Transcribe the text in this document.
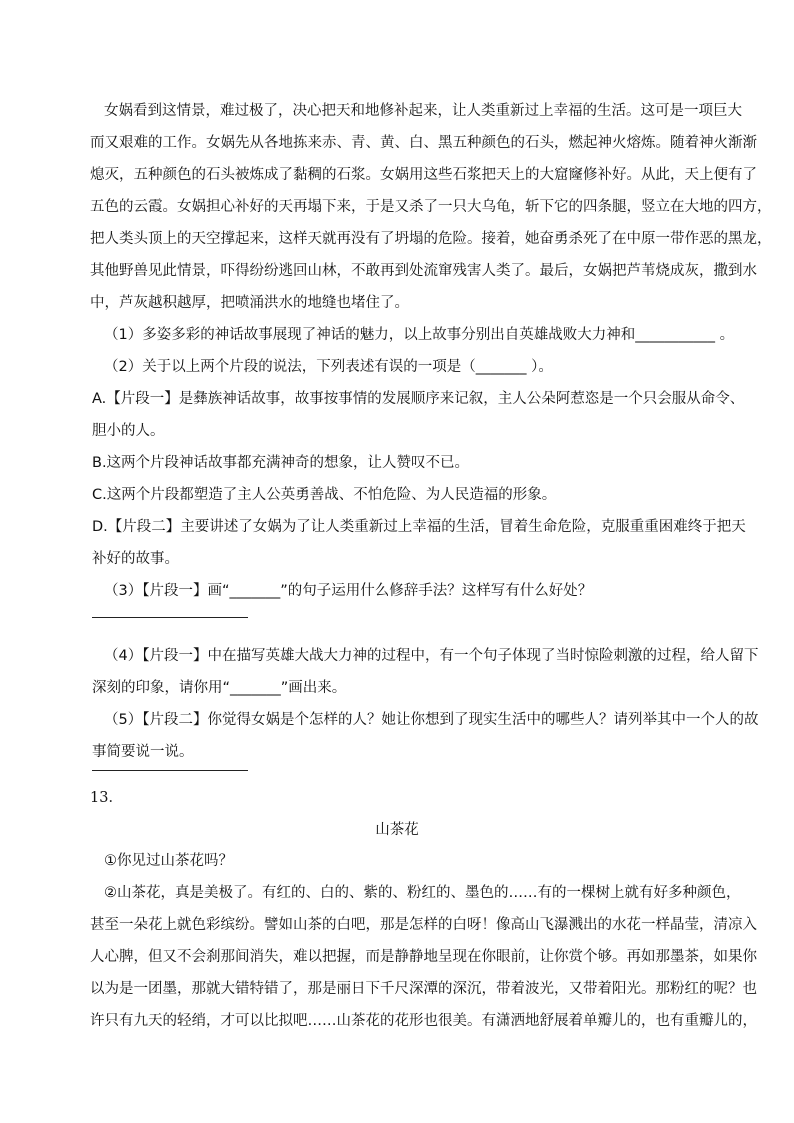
女娲看到这情景，难过极了，决心把天和地修补起来，让人类重新过上幸福的生活。这可是一项巨大
而又艰难的工作。女娲先从各地拣来赤、青、黄、白、黑五种颜色的石头，燃起神火熔炼。随着神火渐渐
熄灭，五种颜色的石头被炼成了黏稠的石浆。女娲用这些石浆把天上的大窟窿修补好。从此，天上便有了
五色的云霞。女娲担心补好的天再塌下来，于是又杀了一只大乌龟，斩下它的四条腿，竖立在大地的四方，
把人类头顶上的天空撑起来，这样天就再没有了坍塌的危险。接着，她奋勇杀死了在中原一带作恶的黑龙，
其他野兽见此情景，吓得纷纷逃回山林，不敢再到处流窜残害人类了。最后，女娲把芦苇烧成灰，撒到水
中，芦灰越积越厚，把喷涌洪水的地缝也堵住了。
（1）多姿多彩的神话故事展现了神话的魅力，以上故事分别出自英雄战败大力神和___________ 。
（2）关于以上两个片段的说法，下列表述有误的一项是（_______ ）。
A.【片段一】是彝族神话故事，故事按事情的发展顺序来记叙，主人公朵阿惹恣是一个只会服从命令、
胆小的人。
B.这两个片段神话故事都充满神奇的想象，让人赞叹不已。
C.这两个片段都塑造了主人公英勇善战、不怕危险、为人民造福的形象。
D.【片段二】主要讲述了女娲为了让人类重新过上幸福的生活，冒着生命危险，克服重重困难终于把天
补好的故事。
（3）【片段一】画“_______”的句子运用什么修辞手法？这样写有什么好处？
（4）【片段一】中在描写英雄大战大力神的过程中，有一个句子体现了当时惊险刺激的过程，给人留下
深刻的印象，请你用“_______”画出来。
（5）【片段二】你觉得女娲是个怎样的人？她让你想到了现实生活中的哪些人？请列举其中一个人的故
事简要说一说。
13．
山茶花
①你见过山茶花吗？
②山茶花，真是美极了。有红的、白的、紫的、粉红的、墨色的……有的一棵树上就有好多种颜色，
甚至一朵花上就色彩缤纷。譬如山茶的白吧，那是怎样的白呀！像高山飞瀑溅出的水花一样晶莹，清凉入
人心脾，但又不会刹那间消失，难以把握，而是静静地呈现在你眼前，让你赏个够。再如那墨茶，如果你
以为是一团墨，那就大错特错了，那是丽日下千尺深潭的深沉，带着波光，又带着阳光。那粉红的呢？也
许只有九天的轻绡，才可以比拟吧……山茶花的花形也很美。有潇洒地舒展着单瓣儿的，也有重瓣儿的，
